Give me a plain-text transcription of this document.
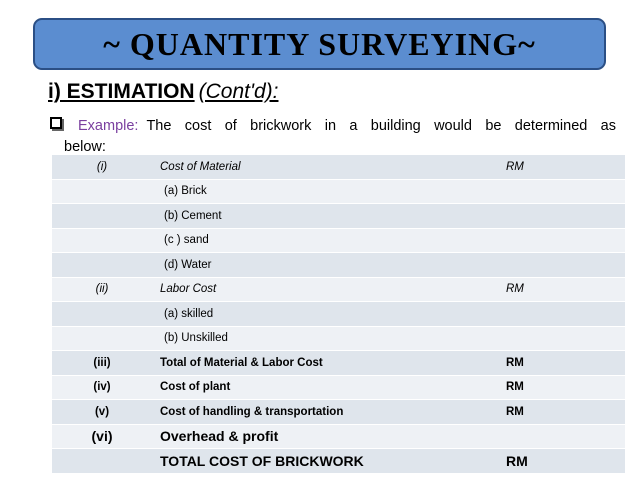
~ QUANTITY SURVEYING~
i) ESTIMATION (Cont'd):
Example: The cost of brickwork in a building would be determined as
below:
(i)	Cost of Material	RM
	(a) Brick	
	(b) Cement	
	(c ) sand	
	(d) Water	
(ii)	Labor Cost	RM
	(a) skilled	
	(b) Unskilled	
(iii)	Total of Material & Labor Cost	RM
(iv)	Cost of plant	RM
(v)	Cost of handling & transportation	RM
(vi)	Overhead & profit	
	TOTAL COST OF BRICKWORK	RM
